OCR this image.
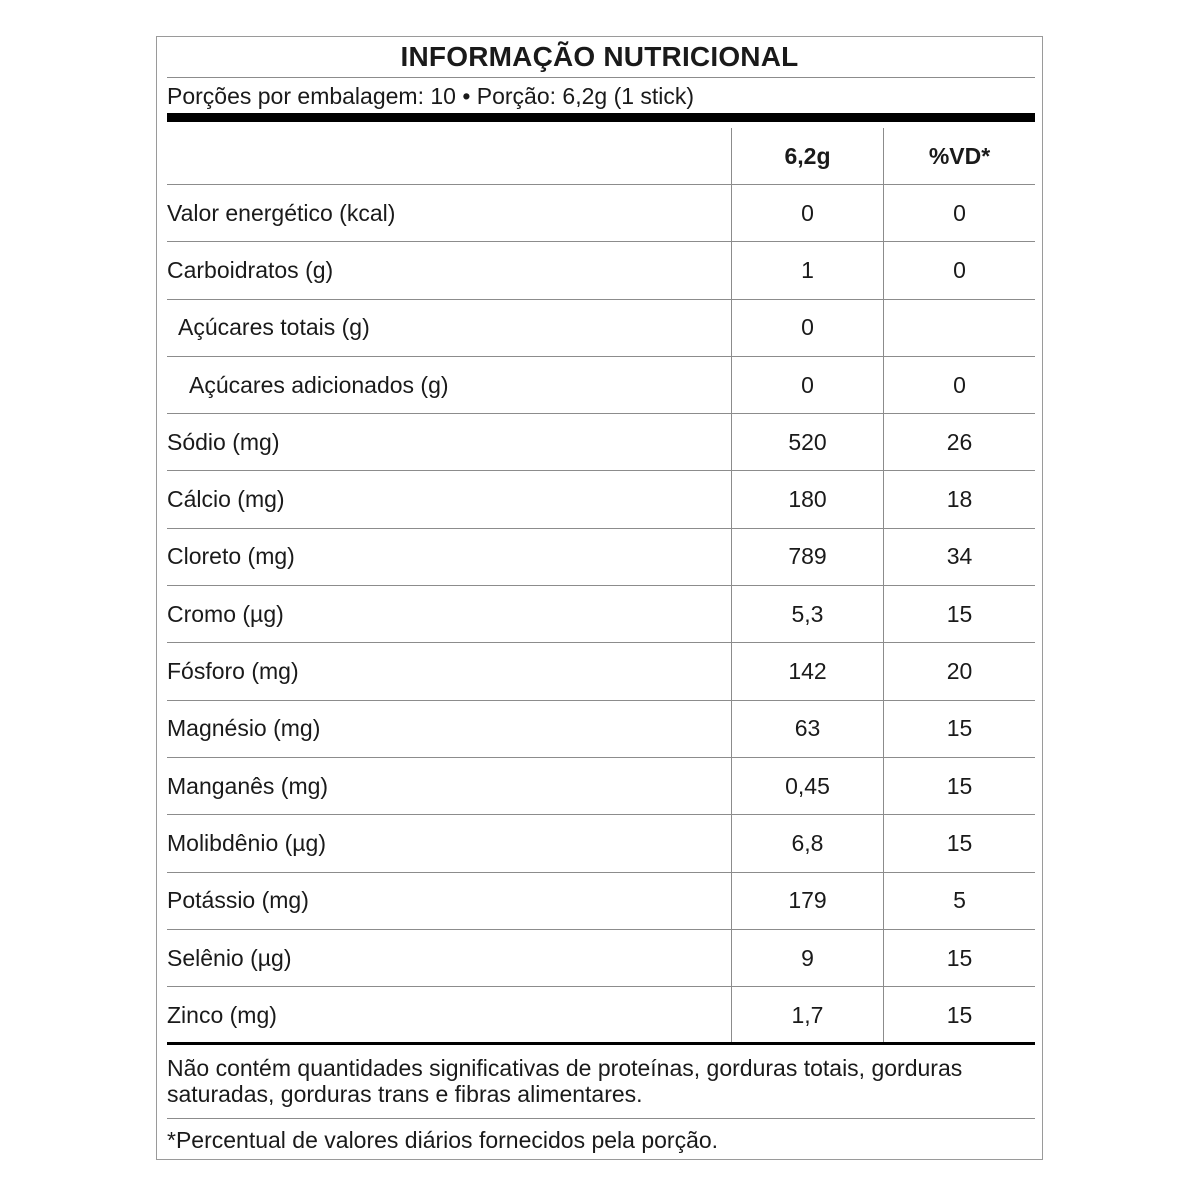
INFORMAÇÃO NUTRICIONAL
Porções por embalagem: 10 • Porção: 6,2g (1 stick)
6,2g	%VD*
Valor energético (kcal)	0	0
Carboidratos (g)	1	0
Açúcares totais (g)	0
Açúcares adicionados (g)	0	0
Sódio (mg)	520	26
Cálcio (mg)	180	18
Cloreto (mg)	789	34
Cromo (µg)	5,3	15
Fósforo (mg)	142	20
Magnésio (mg)	63	15
Manganês (mg)	0,45	15
Molibdênio (µg)	6,8	15
Potássio (mg)	179	5
Selênio (µg)	9	15
Zinco (mg)	1,7	15
Não contém quantidades significativas de proteínas, gorduras totais, gorduras saturadas, gorduras trans e fibras alimentares.
*Percentual de valores diários fornecidos pela porção.
